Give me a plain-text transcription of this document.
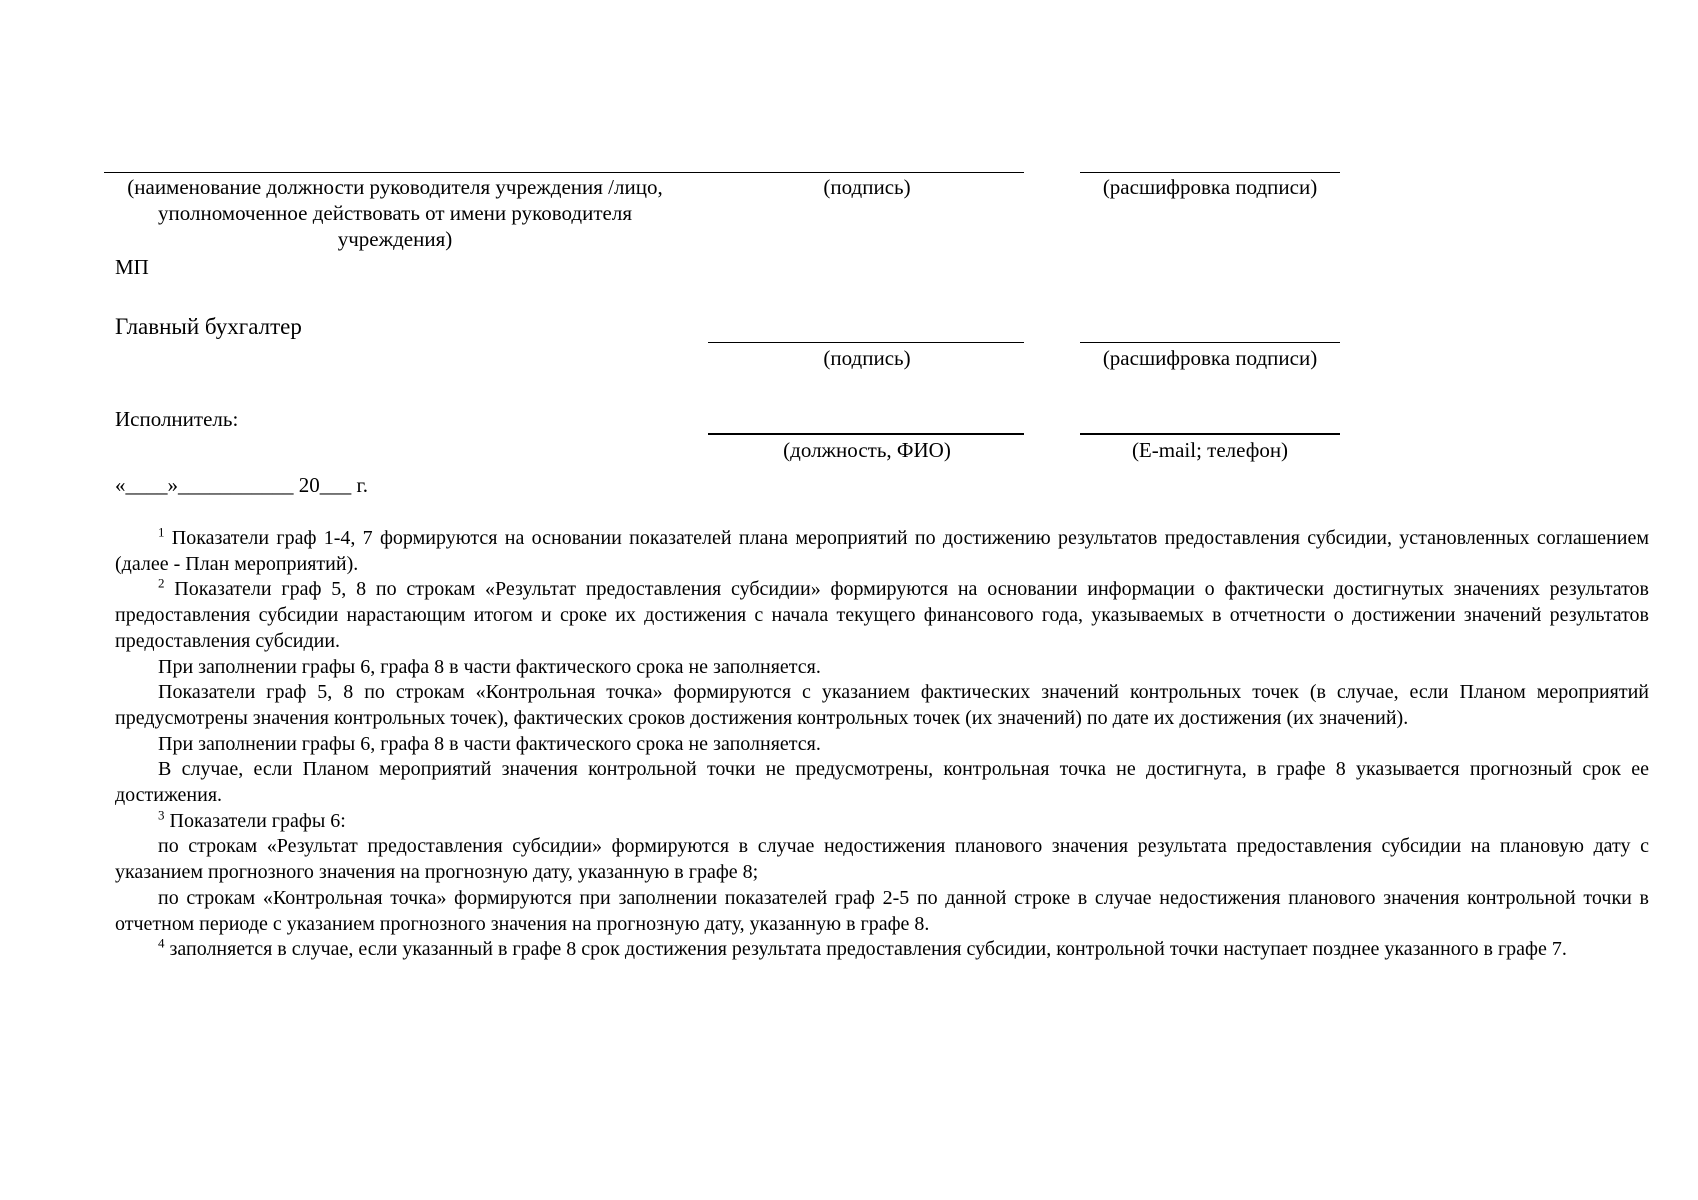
(наименование должности руководителя учреждения /лицо, уполномоченное действовать от имени руководителя учреждения)
(подпись)	(расшифровка подписи)
МП
Главный бухгалтер
(подпись)	(расшифровка подписи)
Исполнитель:
(должность, ФИО)	(E-mail; телефон)
«____»___________ 20___ г.

$^1$ Показатели граф 1-4, 7 формируются на основании показателей плана мероприятий по достижению результатов предоставления субсидии, установленных соглашением (далее - План мероприятий).

$^2$ Показатели граф 5, 8 по строкам «Результат предоставления субсидии» формируются на основании информации о фактически достигнутых значениях результатов предоставления субсидии нарастающим итогом и сроке их достижения с начала текущего финансового года, указываемых в отчетности о достижении значений результатов предоставления субсидии.

При заполнении графы 6, графа 8 в части фактического срока не заполняется.

Показатели граф 5, 8 по строкам «Контрольная точка» формируются с указанием фактических значений контрольных точек (в случае, если Планом мероприятий предусмотрены значения контрольных точек), фактических сроков достижения контрольных точек (их значений) по дате их достижения (их значений).

При заполнении графы 6, графа 8 в части фактического срока не заполняется.

В случае, если Планом мероприятий значения контрольной точки не предусмотрены, контрольная точка не достигнута, в графе 8 указывается прогнозный срок ее достижения.

$^3$ Показатели графы 6:

по строкам «Результат предоставления субсидии» формируются в случае недостижения планового значения результата предоставления субсидии на плановую дату с указанием прогнозного значения на прогнозную дату, указанную в графе 8;

по строкам «Контрольная точка» формируются при заполнении показателей граф 2-5 по данной строке в случае недостижения планового значения контрольной точки в отчетном периоде с указанием прогнозного значения на прогнозную дату, указанную в графе 8.

$^4$ заполняется в случае, если указанный в графе 8 срок достижения результата предоставления субсидии, контрольной точки наступает позднее указанного в графе 7.
